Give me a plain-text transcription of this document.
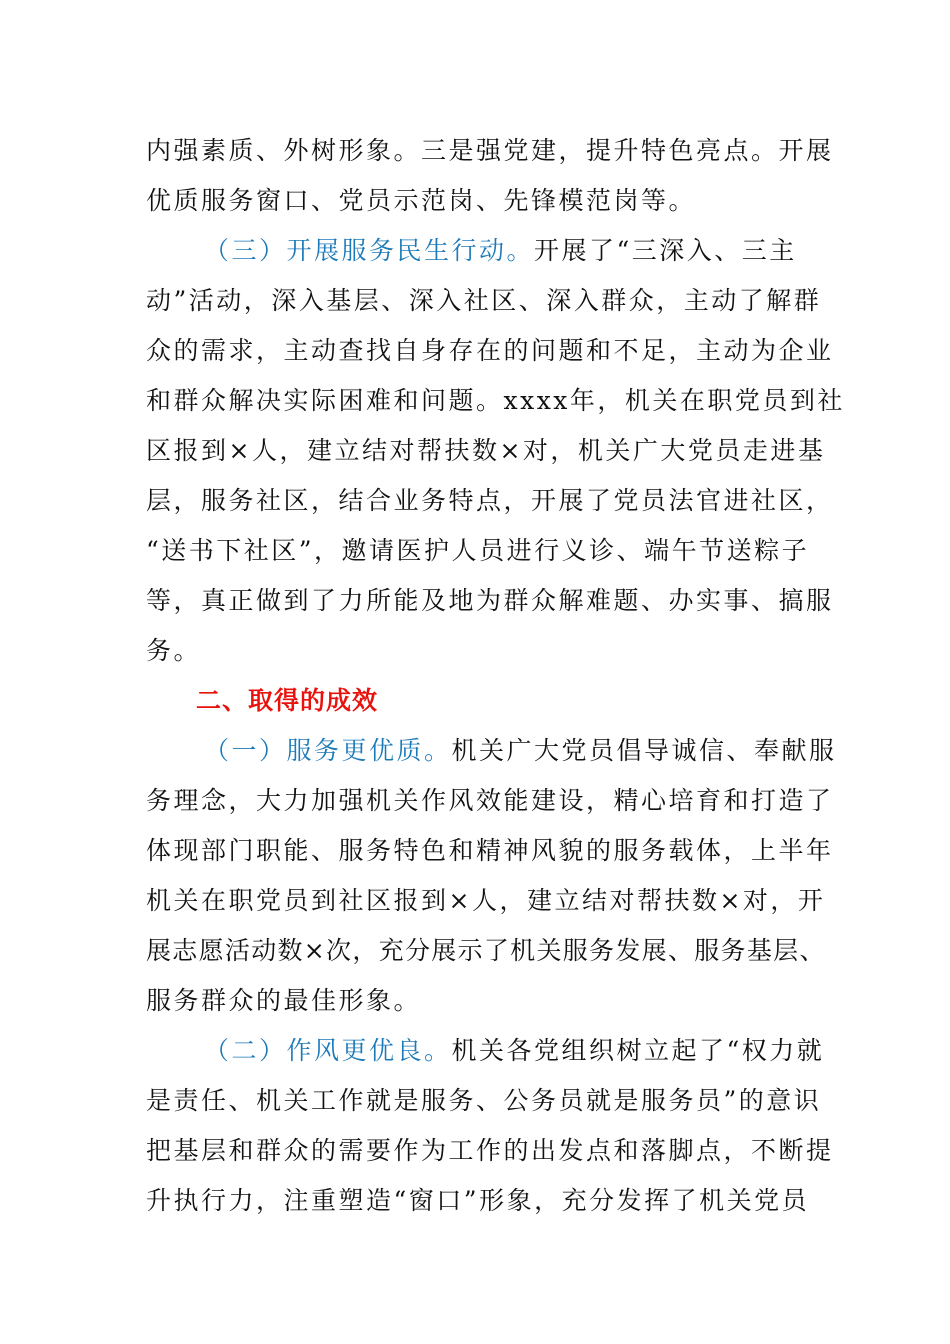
内强素质、外树形象。三是强党建，提升特色亮点。开展
优质服务窗口、党员示范岗、先锋模范岗等。
（三）开展服务民生行动。开展了“三深入、三主
动”活动，深入基层、深入社区、深入群众，主动了解群
众的需求，主动查找自身存在的问题和不足，主动为企业
和群众解决实际困难和问题。xxxx年，机关在职党员到社
区报到×人，建立结对帮扶数×对，机关广大党员走进基
层，服务社区，结合业务特点，开展了党员法官进社区，
“送书下社区”，邀请医护人员进行义诊、端午节送粽子
等，真正做到了力所能及地为群众解难题、办实事、搞服
务。
二、取得的成效
（一）服务更优质。机关广大党员倡导诚信、奉献服
务理念，大力加强机关作风效能建设，精心培育和打造了
体现部门职能、服务特色和精神风貌的服务载体，上半年
机关在职党员到社区报到×人，建立结对帮扶数×对，开
展志愿活动数×次，充分展示了机关服务发展、服务基层、
服务群众的最佳形象。
（二）作风更优良。机关各党组织树立起了“权力就
是责任、机关工作就是服务、公务员就是服务员”的意识
把基层和群众的需要作为工作的出发点和落脚点，不断提
升执行力，注重塑造“窗口”形象，充分发挥了机关党员
